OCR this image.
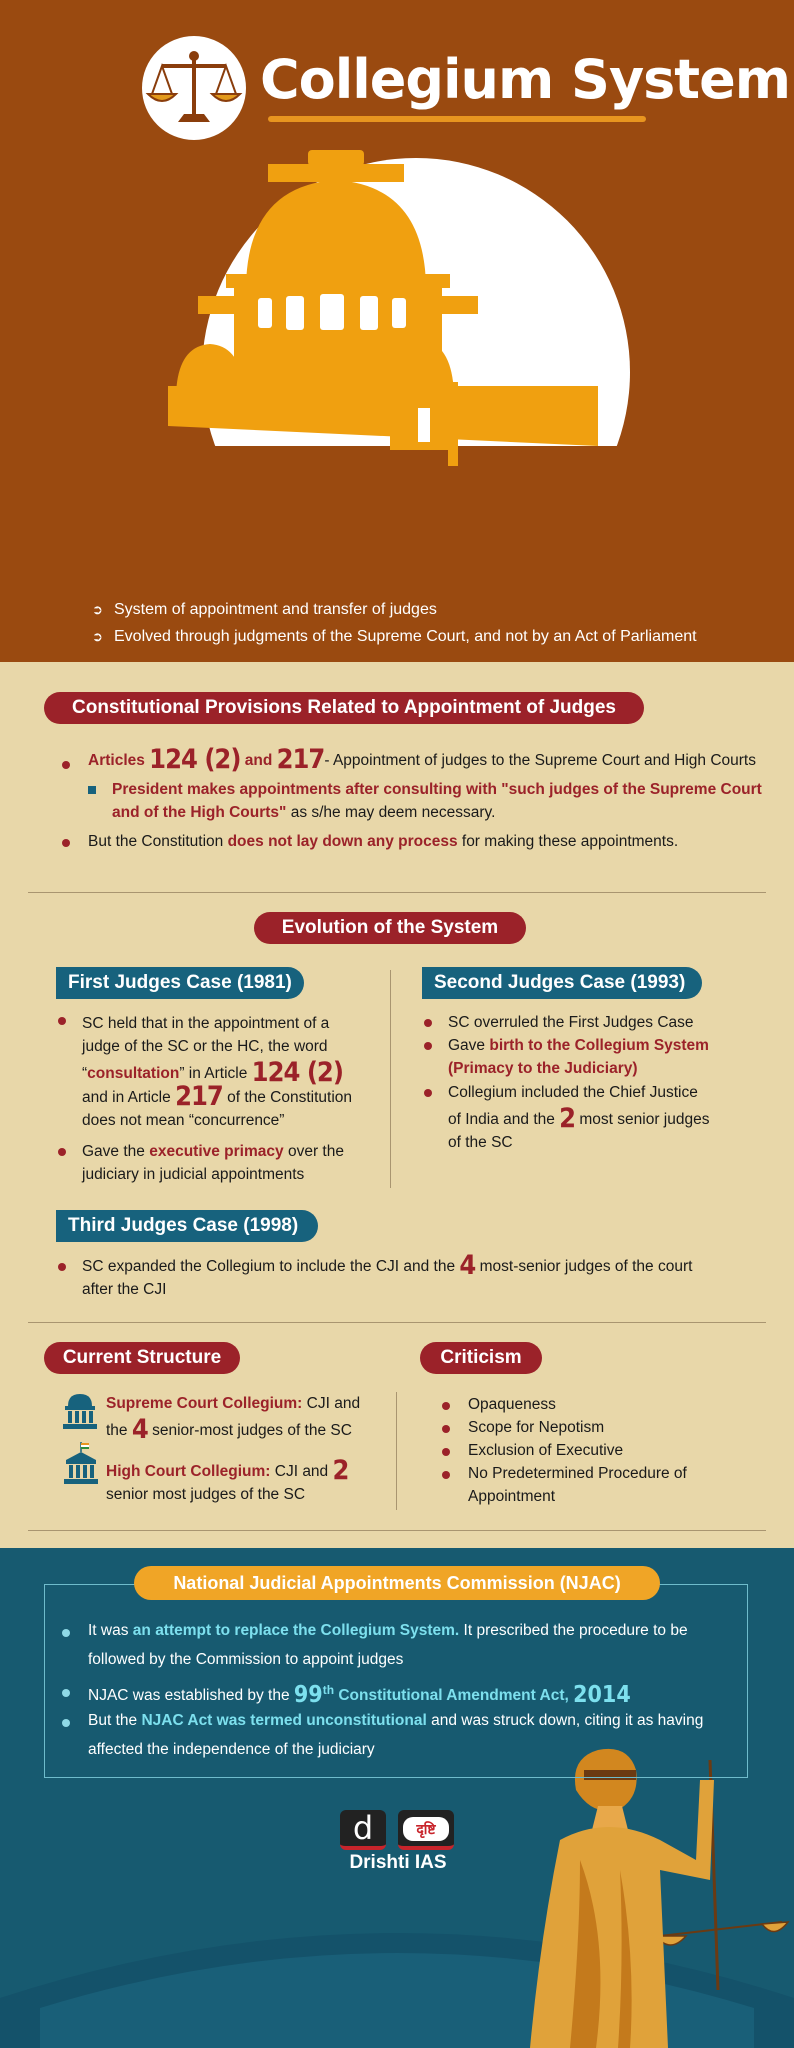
Collegium System
➲ System of appointment and transfer of judges
➲ Evolved through judgments of the Supreme Court, and not by an Act of Parliament
Constitutional Provisions Related to Appointment of Judges
Articles 124 (2) and 217- Appointment of judges to the Supreme Court and High Courts
President makes appointments after consulting with "such judges of the Supreme Court and of the High Courts" as s/he may deem necessary.
But the Constitution does not lay down any process for making these appointments.
Evolution of the System
First Judges Case (1981)
SC held that in the appointment of a
judge of the SC or the HC, the word
“consultation” in Article 124 (2)
and in Article 217 of the Constitution
does not mean “concurrence”
Gave the executive primacy over the
judiciary in judicial appointments
Second Judges Case (1993)
SC overruled the First Judges Case
Gave birth to the Collegium System
(Primacy to the Judiciary)
Collegium included the Chief Justice
of India and the 2 most senior judges
of the SC
Third Judges Case (1998)
SC expanded the Collegium to include the CJI and the 4 most-senior judges of the court
after the CJI
Current Structure
Supreme Court Collegium: CJI and
the 4 senior-most judges of the SC
High Court Collegium: CJI and 2
senior most judges of the SC
Criticism
Opaqueness
Scope for Nepotism
Exclusion of Executive
No Predetermined Procedure of
Appointment
National Judicial Appointments Commission (NJAC)
It was an attempt to replace the Collegium System. It prescribed the procedure to be
followed by the Commission to appoint judges
NJAC was established by the 99th Constitutional Amendment Act, 2014
But the NJAC Act was termed unconstitutional and was struck down, citing it as having
affected the independence of the judiciary
d	दृष्टि
Drishti IAS
